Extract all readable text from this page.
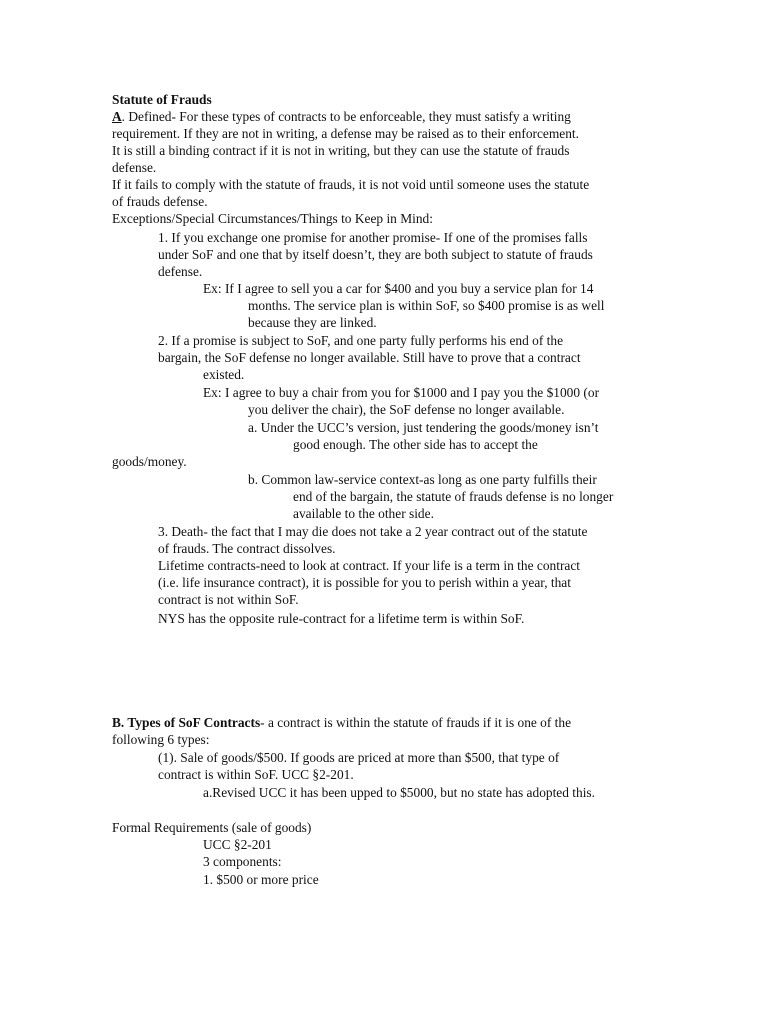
Statute of Frauds
A. Defined- For these types of contracts to be enforceable, they must satisfy a writing
requirement. If they are not in writing, a defense may be raised as to their enforcement.
It is still a binding contract if it is not in writing, but they can use the statute of frauds
defense.
If it fails to comply with the statute of frauds, it is not void until someone uses the statute
of frauds defense.
Exceptions/Special Circumstances/Things to Keep in Mind:
1. If you exchange one promise for another promise- If one of the promises falls
under SoF and one that by itself doesn’t, they are both subject to statute of frauds
defense.
Ex: If I agree to sell you a car for $400 and you buy a service plan for 14
months. The service plan is within SoF, so $400 promise is as well
because they are linked.
2. If a promise is subject to SoF, and one party fully performs his end of the
bargain, the SoF defense no longer available. Still have to prove that a contract
existed.
Ex: I agree to buy a chair from you for $1000 and I pay you the $1000 (or
you deliver the chair), the SoF defense no longer available.
a. Under the UCC’s version, just tendering the goods/money isn’t
good enough. The other side has to accept the
goods/money.
b. Common law-service context-as long as one party fulfills their
end of the bargain, the statute of frauds defense is no longer
available to the other side.
3. Death- the fact that I may die does not take a 2 year contract out of the statute
of frauds. The contract dissolves.
Lifetime contracts-need to look at contract. If your life is a term in the contract
(i.e. life insurance contract), it is possible for you to perish within a year, that
contract is not within SoF.
NYS has the opposite rule-contract for a lifetime term is within SoF.
B. Types of SoF Contracts- a contract is within the statute of frauds if it is one of the
following 6 types:
(1). Sale of goods/$500. If goods are priced at more than $500, that type of
contract is within SoF. UCC §2-201.
a.Revised UCC it has been upped to $5000, but no state has adopted this.
Formal Requirements (sale of goods)
UCC §2-201
3 components:
1. $500 or more price
